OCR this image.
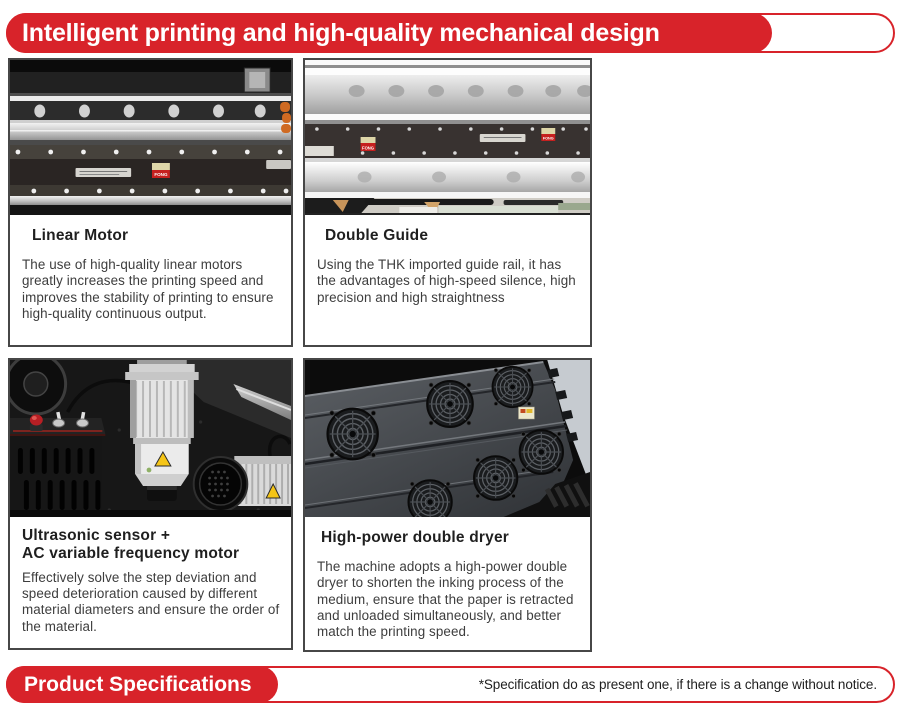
Intelligent printing and high-quality mechanical design
FONG
Linear Motor

The use of high-quality linear motors greatly increases the printing speed and improves the stability of printing to ensure high-quality continuous output.

FONG
FONG
Double Guide

Using the THK imported guide rail, it has the advantages of high-speed silence, high precision and high straightness

Ultrasonic sensor +
AC variable frequency motor

Effectively solve the step deviation and speed deterioration caused by different material diameters and ensure the order of the material.

High-power double dryer

The machine adopts a high-power double dryer to shorten the inking process of the medium, ensure that the paper is retracted and unloaded simultaneously, and better match the printing speed.

*Specification do as present one, if there is a change without notice.
Product Specifications
